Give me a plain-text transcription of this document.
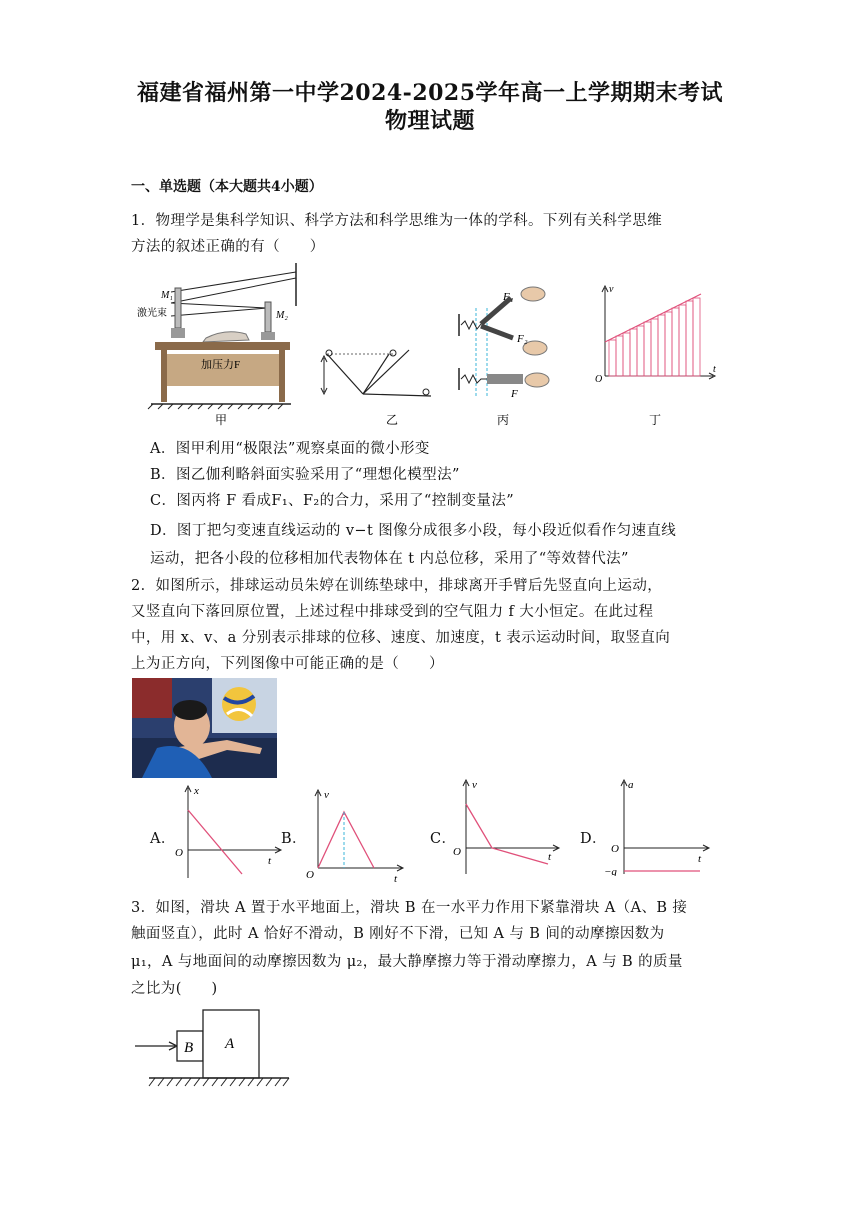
福建省福州第一中学2024-2025学年高一上学期期末考试
物理试题
一、单选题（本大题共4小题）
1．物理学是集科学知识、科学方法和科学思维为一体的学科。下列有关科学思维
方法的叙述正确的有（　　）
M₁
M₂
激光束
加压力F
甲	乙
F₁
F₂
F
丙
O
v
t
丁
A．图甲利用“极限法”观察桌面的微小形变
B．图乙伽利略斜面实验采用了“理想化模型法”
C．图丙将 F 看成F₁、F₂的合力，采用了“控制变量法”
D．图丁把匀变速直线运动的 v−t 图像分成很多小段，每小段近似看作匀速直线
运动，把各小段的位移相加代表物体在 t 内总位移，采用了“等效替代法”
2．如图所示，排球运动员朱婷在训练垫球中，排球离开手臂后先竖直向上运动，
又竖直向下落回原位置，上述过程中排球受到的空气阻力 f 大小恒定。在此过程
中，用 x、v、a 分别表示排球的位移、速度、加速度，t 表示运动时间，取竖直向
上为正方向，下列图像中可能正确的是（　　）
A．
O
x
t
B．
O
v
t
C．
O
v
t
D．
O
a
t
−g
3．如图，滑块 A 置于水平地面上，滑块 B 在一水平力作用下紧靠滑块 A（A、B 接
触面竖直），此时 A 恰好不滑动，B 刚好不下滑，已知 A 与 B 间的动摩擦因数为
μ₁，A 与地面间的动摩擦因数为 μ₂，最大静摩擦力等于滑动摩擦力，A 与 B 的质量
之比为(　　)
B A
